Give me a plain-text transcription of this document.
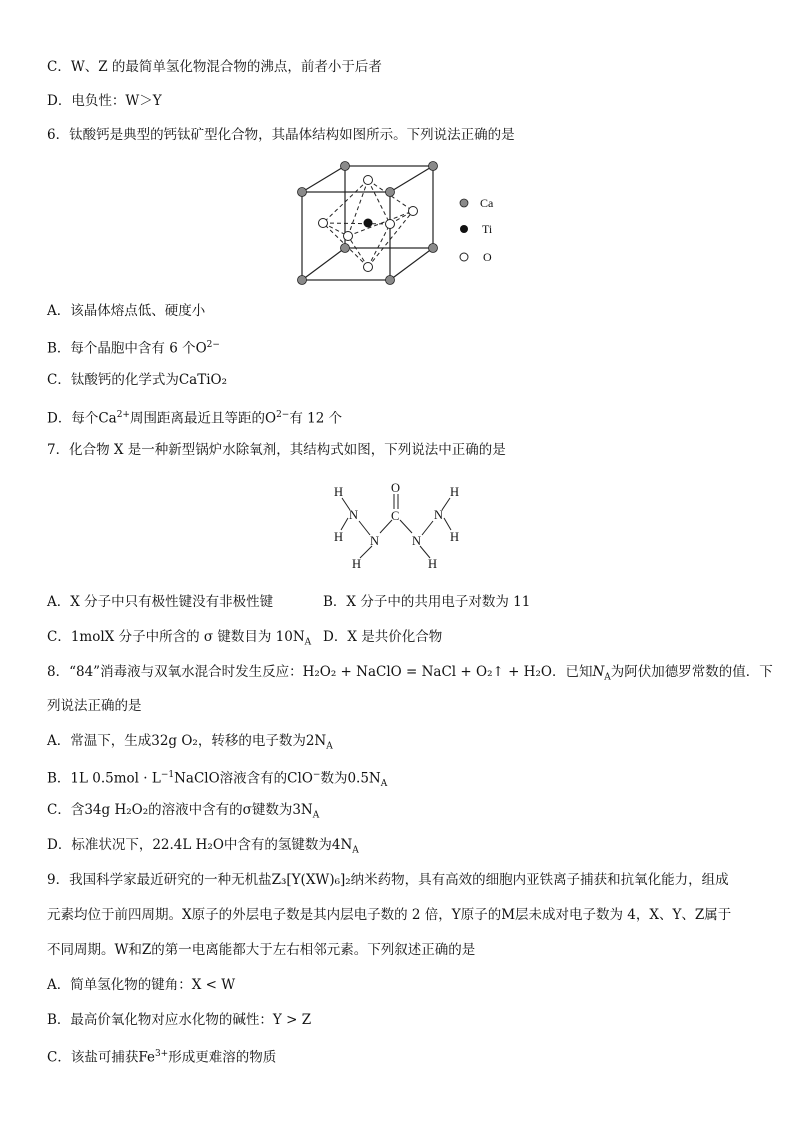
C．W、Z 的最简单氢化物混合物的沸点，前者小于后者
D．电负性：W＞Y
6．钛酸钙是典型的钙钛矿型化合物，其晶体结构如图所示。下列说法正确的是
Ca
Ti
O
A．该晶体熔点低、硬度小
B．每个晶胞中含有 6 个$O^{2-}$
C．钛酸钙的化学式为CaTiO₂
D．每个$Ca^{2+}$周围距离最近且等距的$O^{2-}$有 12 个
7．化合物 X 是一种新型锅炉水除氧剂，其结构式如图，下列说法中正确的是
O
C
N
N	N
N
H
H
H
H
H	H
A．X 分子中只有极性键没有非极性键	B．X 分子中的共用电子对数为 11
C．1molX 分子中所含的 σ 键数目为 $10N_A$ D．X 是共价化合物
8．“84”消毒液与双氧水混合时发生反应：H₂O₂ + NaClO = NaCl + O₂↑ + H₂O．已知$N_A$为阿伏加德罗常数的值．下
列说法正确的是
A．常温下，生成32g O₂，转移的电子数为$2N_A$
B．1L $0.5mol \cdot L^{-1}NaClO$溶液含有的ClO−数为$0.5N_A$
C．含34g H₂O₂的溶液中含有的σ键数为$3N_A$
D．标准状况下，22.4L H₂O中含有的氢键数为$4N_A$
9．我国科学家最近研究的一种无机盐Z₃[Y(XW)₆]₂纳米药物，具有高效的细胞内亚铁离子捕获和抗氧化能力，组成
元素均位于前四周期。X原子的外层电子数是其内层电子数的 2 倍，Y原子的M层未成对电子数为 4，X、Y、Z属于
不同周期。W和Z的第一电离能都大于左右相邻元素。下列叙述正确的是
A．简单氢化物的键角：X < W
B．最高价氧化物对应水化物的碱性：Y > Z
C．该盐可捕获$Fe^{3+}$形成更难溶的物质
